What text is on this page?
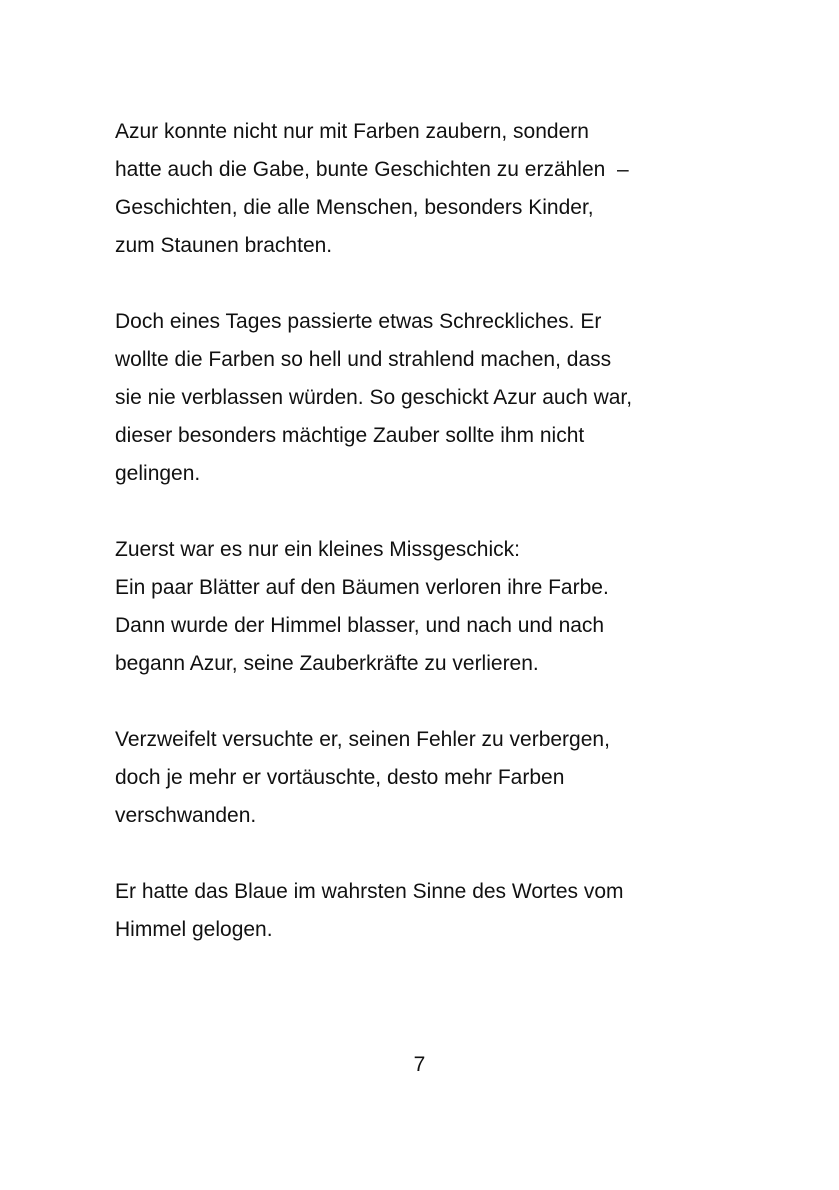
Azur konnte nicht nur mit Farben zaubern, sondern
hatte auch die Gabe, bunte Geschichten zu erzählen  –
Geschichten, die alle Menschen, besonders Kinder,
zum Staunen brachten.
Doch eines Tages passierte etwas Schreckliches. Er
wollte die Farben so hell und strahlend machen, dass
sie nie verblassen würden. So geschickt Azur auch war,
dieser besonders mächtige Zauber sollte ihm nicht
gelingen.
Zuerst war es nur ein kleines Missgeschick:
Ein paar Blätter auf den Bäumen verloren ihre Farbe.
Dann wurde der Himmel blasser, und nach und nach
begann Azur, seine Zauberkräfte zu verlieren.
Verzweifelt versuchte er, seinen Fehler zu verbergen,
doch je mehr er vortäuschte, desto mehr Farben
verschwanden.
Er hatte das Blaue im wahrsten Sinne des Wortes vom
Himmel gelogen.
7
